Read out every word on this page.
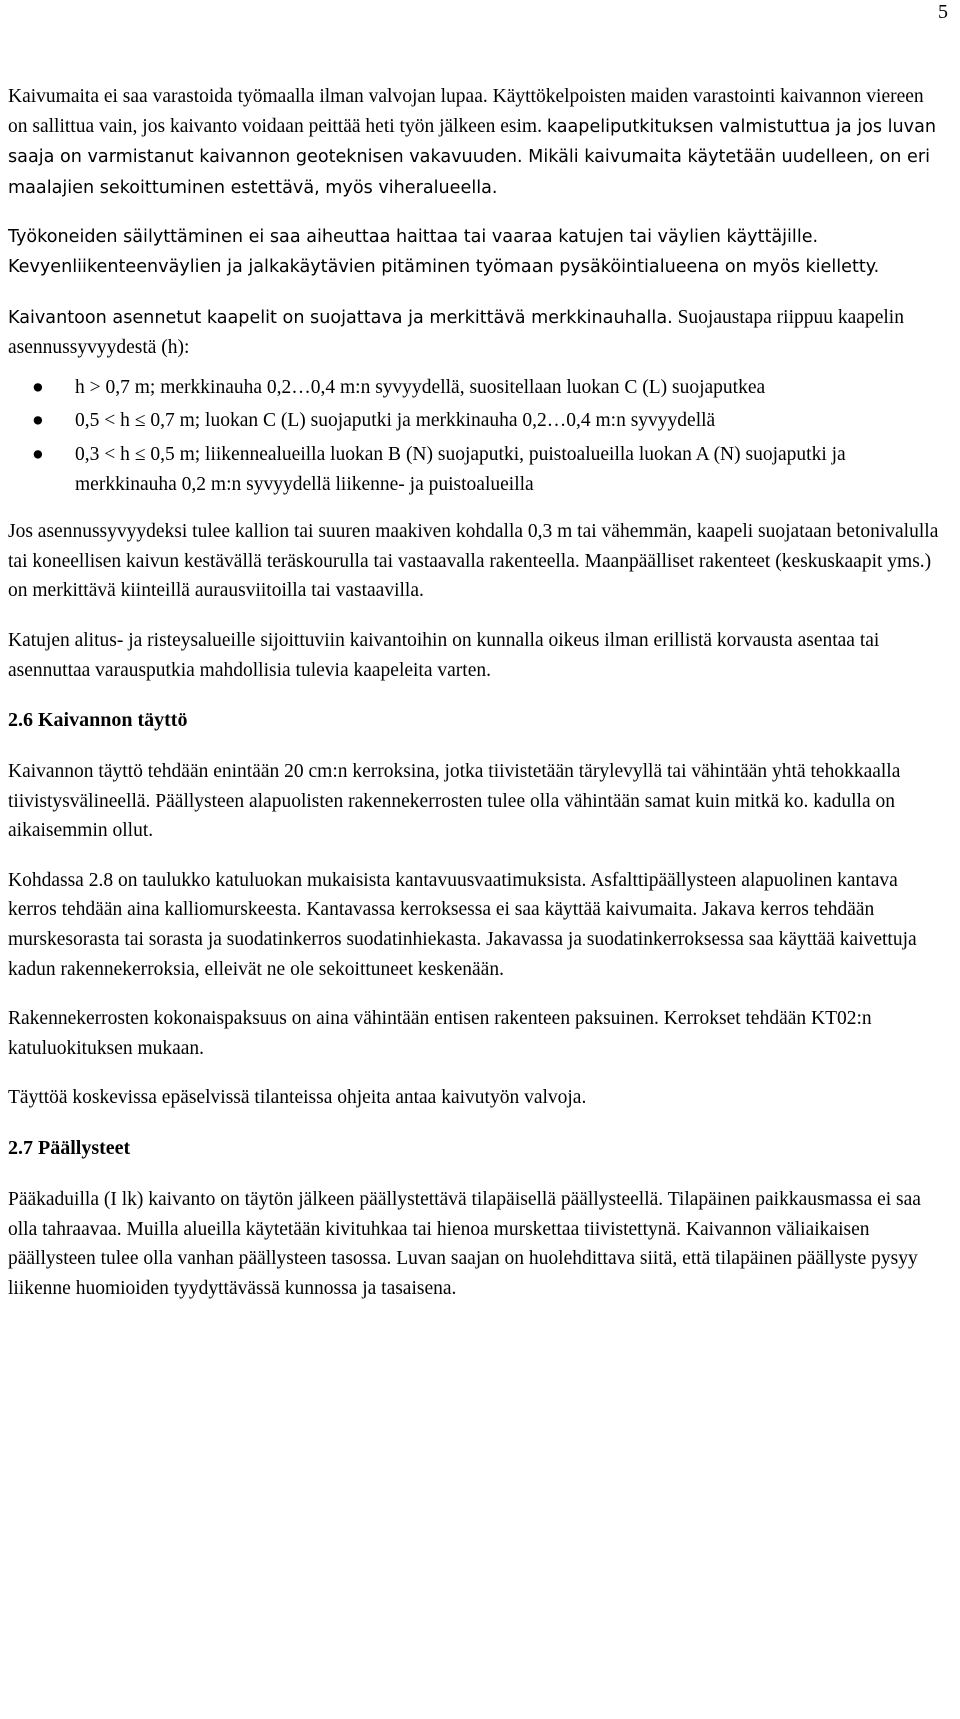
5

Kaivumaita ei saa varastoida työmaalla ilman valvojan lupaa. Käyttökelpoisten maiden varastointi kaivannon viereen on sallittua vain, jos kaivanto voidaan peittää heti työn jälkeen esim. kaapeliputkituksen valmistuttua ja jos luvan saaja on varmistanut kaivannon geoteknisen vakavuuden. Mikäli kaivumaita käytetään uudelleen, on eri maalajien sekoittuminen estettävä, myös viheralueella.

Työkoneiden säilyttäminen ei saa aiheuttaa haittaa tai vaaraa katujen tai väylien käyttäjille. Kevyenliikenteenväylien ja jalkakäytävien pitäminen työmaan pysäköintialueena on myös kielletty.

Kaivantoon asennetut kaapelit on suojattava ja merkittävä merkkinauhalla. Suojaustapa riippuu kaapelin asennussyvyydestä (h):

● h > 0,7 m; merkkinauha 0,2…0,4 m:n syvyydellä, suositellaan luokan C (L) suojaputkea
● 0,5 < h ≤ 0,7 m; luokan C (L) suojaputki ja merkkinauha 0,2…0,4 m:n syvyydellä
● 0,3 < h ≤ 0,5 m; liikennealueilla luokan B (N) suojaputki, puistoalueilla luokan A (N) suojaputki ja merkkinauha 0,2 m:n syvyydellä liikenne- ja puistoalueilla

Jos asennussyvyydeksi tulee kallion tai suuren maakiven kohdalla 0,3 m tai vähemmän, kaapeli suojataan betonivalulla tai koneellisen kaivun kestävällä teräskourulla tai vastaavalla rakenteella. Maanpäälliset rakenteet (keskuskaapit yms.) on merkittävä kiinteillä aurausviitoilla tai vastaavilla.

Katujen alitus- ja risteysalueille sijoittuviin kaivantoihin on kunnalla oikeus ilman erillistä korvausta asentaa tai asennuttaa varausputkia mahdollisia tulevia kaapeleita varten.

2.6 Kaivannon täyttö

Kaivannon täyttö tehdään enintään 20 cm:n kerroksina, jotka tiivistetään tärylevyllä tai vähintään yhtä tehokkaalla tiivistysvälineellä. Päällysteen alapuolisten rakennekerrosten tulee olla vähintään samat kuin mitkä ko. kadulla on aikaisemmin ollut.

Kohdassa 2.8 on taulukko katuluokan mukaisista kantavuusvaatimuksista. Asfalttipäällysteen alapuolinen kantava kerros tehdään aina kalliomurskeesta. Kantavassa kerroksessa ei saa käyttää kaivumaita. Jakava kerros tehdään murskesorasta tai sorasta ja suodatinkerros suodatinhiekasta. Jakavassa ja suodatinkerroksessa saa käyttää kaivettuja kadun rakennekerroksia, elleivät ne ole sekoittuneet keskenään.

Rakennekerrosten kokonaispaksuus on aina vähintään entisen rakenteen paksuinen. Kerrokset tehdään KT02:n katuluokituksen mukaan.

Täyttöä koskevissa epäselvissä tilanteissa ohjeita antaa kaivutyön valvoja.

2.7 Päällysteet

Pääkaduilla (I lk) kaivanto on täytön jälkeen päällystettävä tilapäisellä päällysteellä. Tilapäinen paikkausmassa ei saa olla tahraavaa. Muilla alueilla käytetään kivituhkaa tai hienoa murskettaa tiivistettynä. Kaivannon väliaikaisen päällysteen tulee olla vanhan päällysteen tasossa. Luvan saajan on huolehdittava siitä, että tilapäinen päällyste pysyy liikenne huomioiden tyydyttävässä kunnossa ja tasaisena.
